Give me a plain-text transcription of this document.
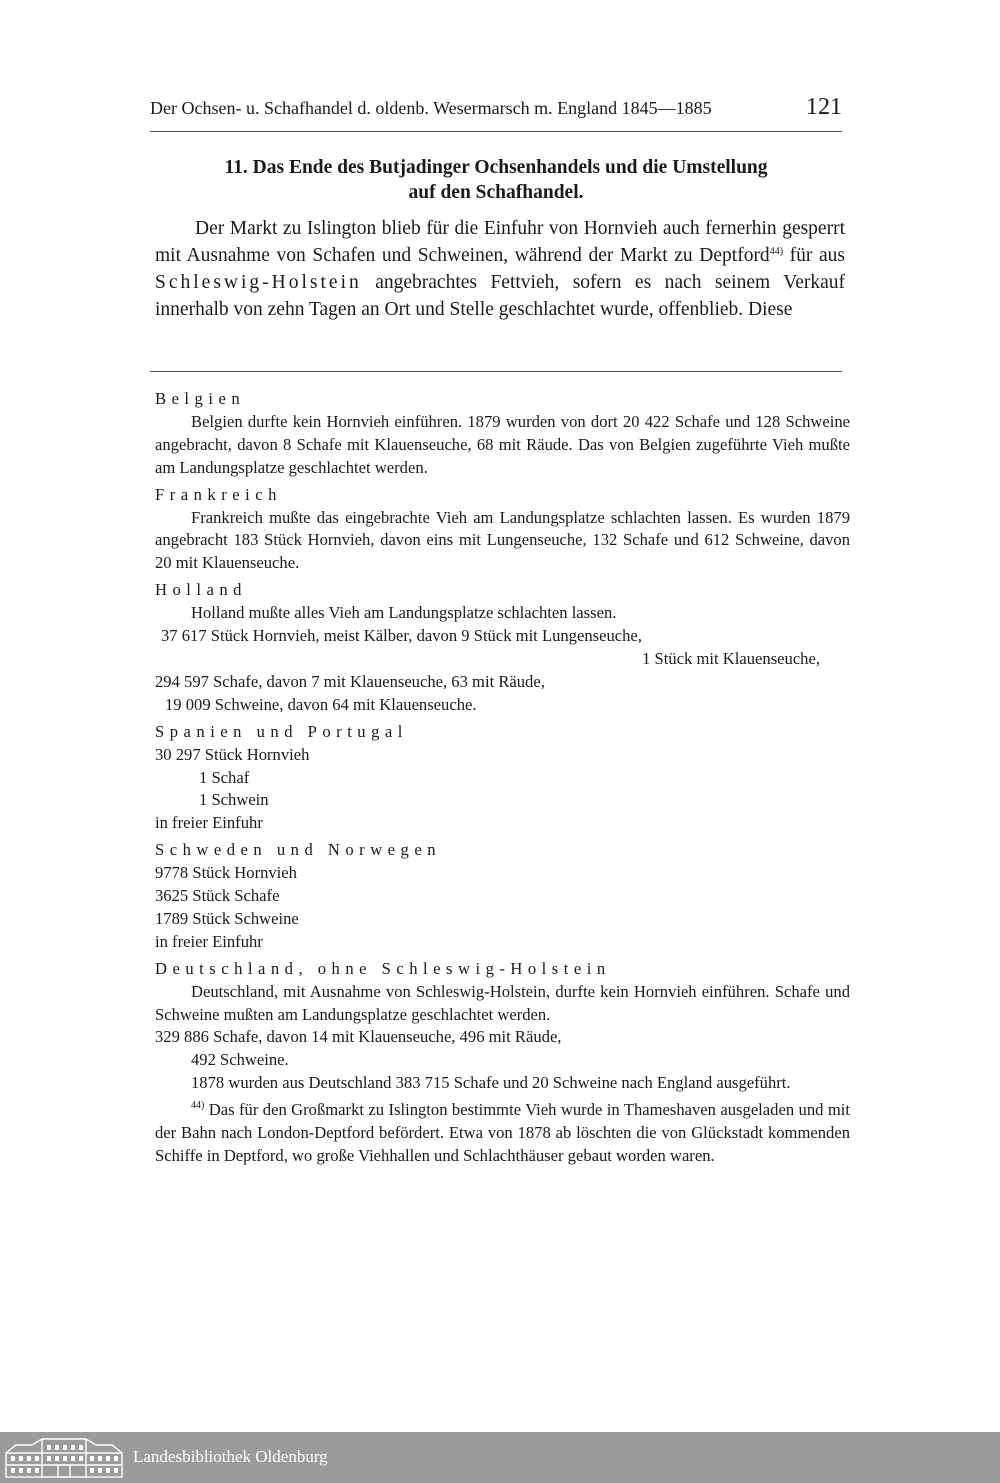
Der Ochsen- u. Schafhandel d. oldenb. Wesermarsch m. England 1845—1885	121
11. Das Ende des Butjadinger Ochsenhandels und die Umstellung
auf den Schafhandel.

Der Markt zu Islington blieb für die Einfuhr von Hornvieh auch fernerhin gesperrt mit Ausnahme von Schafen und Schweinen, während der Markt zu Deptford$^{44)}$ für aus Schleswig-Holstein angebrachtes Fettvieh, sofern es nach seinem Verkauf innerhalb von zehn Tagen an Ort und Stelle geschlachtet wurde, offenblieb. Diese

Belgien
Belgien durfte kein Hornvieh einführen. 1879 wurden von dort 20 422 Schafe und 128 Schweine angebracht, davon 8 Schafe mit Klauenseuche, 68 mit Räude. Das von Belgien zugeführte Vieh mußte am Landungsplatze geschlachtet werden.
Frankreich
Frankreich mußte das eingebrachte Vieh am Landungsplatze schlachten lassen. Es wurden 1879 angebracht 183 Stück Hornvieh, davon eins mit Lungenseuche, 132 Schafe und 612 Schweine, davon 20 mit Klauenseuche.
Holland
Holland mußte alles Vieh am Landungsplatze schlachten lassen.
37 617 Stück Hornvieh, meist Kälber, davon 9 Stück mit Lungenseuche,
1 Stück mit Klauenseuche,
294 597 Schafe, davon 7 mit Klauenseuche, 63 mit Räude,
19 009 Schweine, davon 64 mit Klauenseuche.
Spanien und Portugal
30 297 Stück Hornvieh
1 Schaf
1 Schwein
in freier Einfuhr
Schweden und Norwegen
9778 Stück Hornvieh
3625 Stück Schafe
1789 Stück Schweine
in freier Einfuhr
Deutschland, ohne Schleswig-Holstein
Deutschland, mit Ausnahme von Schleswig-Holstein, durfte kein Hornvieh einführen. Schafe und Schweine mußten am Landungsplatze geschlachtet werden.
329 886 Schafe, davon 14 mit Klauenseuche, 496 mit Räude,
492 Schweine.
1878 wurden aus Deutschland 383 715 Schafe und 20 Schweine nach England ausgeführt.
$^{44)}$ Das für den Großmarkt zu Islington bestimmte Vieh wurde in Thameshaven ausgeladen und mit der Bahn nach London-Deptford befördert. Etwa von 1878 ab löschten die von Glückstadt kommenden Schiffe in Deptford, wo große Viehhallen und Schlachthäuser gebaut worden waren.
Landesbibliothek Oldenburg
